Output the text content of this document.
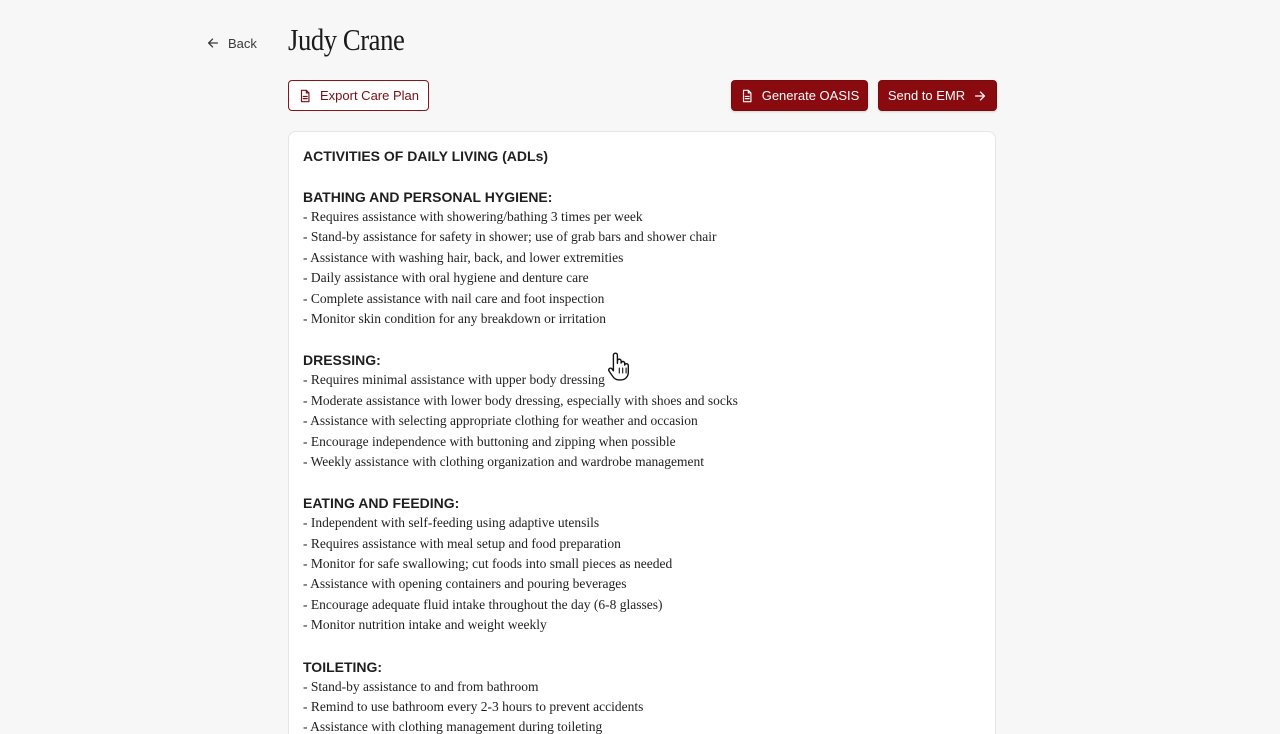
Back Judy Crane
Export Care Plan	Generate OASIS Send to EMR

ACTIVITIES OF DAILY LIVING (ADLs)

BATHING AND PERSONAL HYGIENE:

- Requires assistance with showering/bathing 3 times per week
- Stand-by assistance for safety in shower; use of grab bars and shower chair
- Assistance with washing hair, back, and lower extremities
- Daily assistance with oral hygiene and denture care
- Complete assistance with nail care and foot inspection
- Monitor skin condition for any breakdown or irritation

DRESSING:

- Requires minimal assistance with upper body dressing
- Moderate assistance with lower body dressing, especially with shoes and socks
- Assistance with selecting appropriate clothing for weather and occasion
- Encourage independence with buttoning and zipping when possible
- Weekly assistance with clothing organization and wardrobe management

EATING AND FEEDING:

- Independent with self-feeding using adaptive utensils
- Requires assistance with meal setup and food preparation
- Monitor for safe swallowing; cut foods into small pieces as needed
- Assistance with opening containers and pouring beverages
- Encourage adequate fluid intake throughout the day (6-8 glasses)
- Monitor nutrition intake and weight weekly

TOILETING:

- Stand-by assistance to and from bathroom
- Remind to use bathroom every 2-3 hours to prevent accidents
- Assistance with clothing management during toileting
